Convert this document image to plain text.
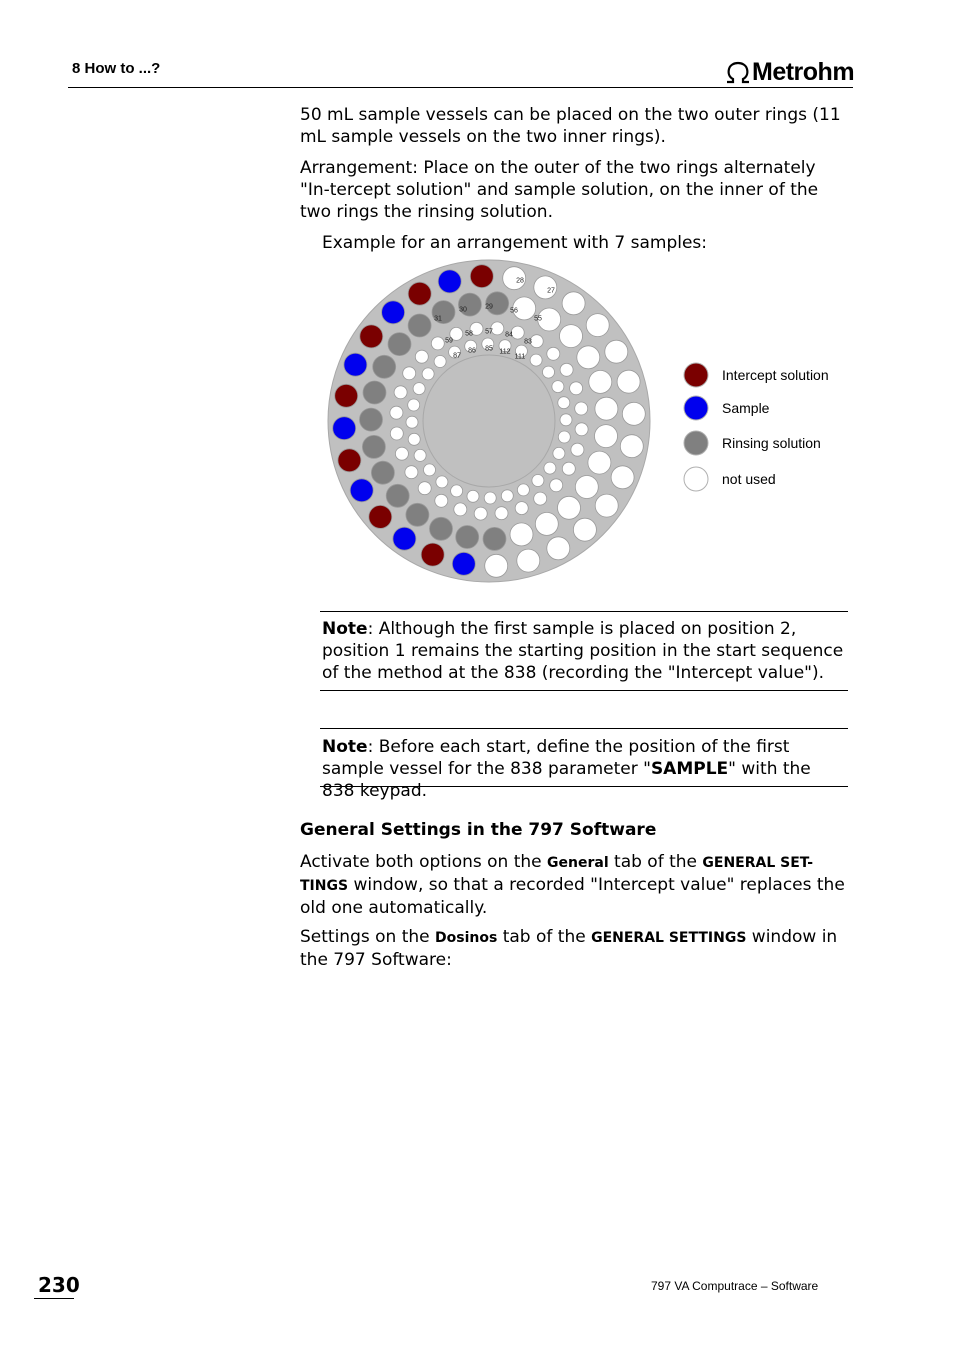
8 How to ...?	Metrohm

50 mL sample vessels can be placed on the two outer rings (11 mL sample vessels on the two inner rings).

Arrangement: Place on the outer of the two rings alternately "In-tercept solution" and sample solution, on the inner of the two rings the rinsing solution.

Example for an arrangement with 7 samples:
27
28
29
30
31	55
56
57
58
59	83
84
85
86
87	111
112
Intercept solution
Sample
Rinsing solution
not used

Note: Although the first sample is placed on position 2, position 1 remains the starting position in the start sequence of the method at the 838 (recording the "Intercept value").

Note: Before each start, define the position of the first sample vessel for the 838 parameter "SAMPLE" with the 838 keypad.

General Settings in the 797 Software

Activate both options on the General tab of the GENERAL SET-TINGS window, so that a recorded "Intercept value" replaces the old one automatically.

Settings on the Dosinos tab of the GENERAL SETTINGS window in the 797 Software:

230	797 VA Computrace – Software
